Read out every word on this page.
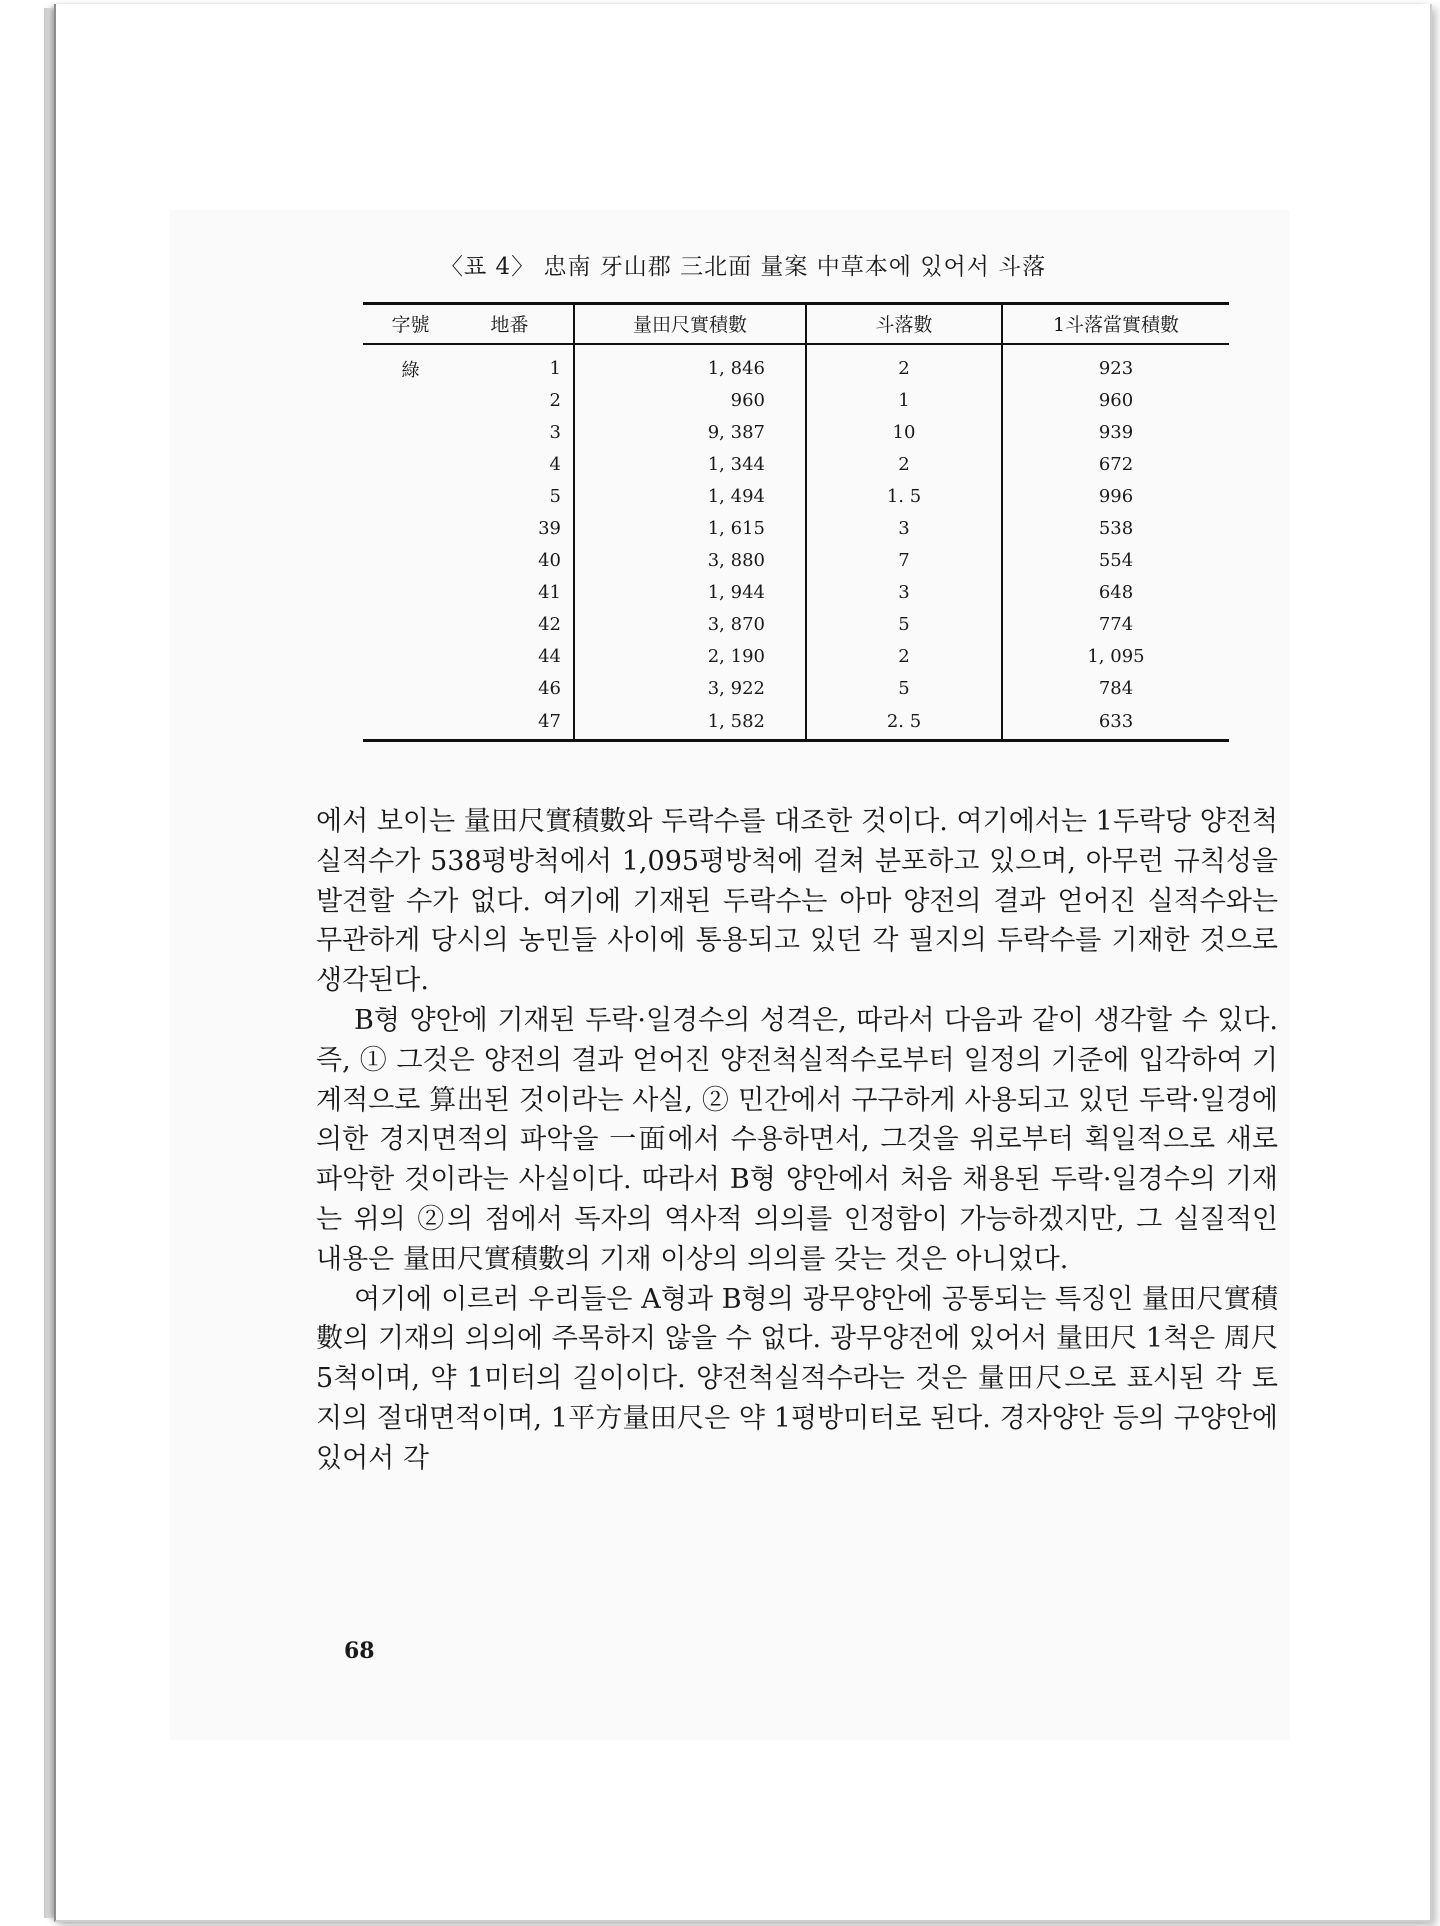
〈표 4〉 忠南 牙山郡 三北面 量案 中草本에 있어서 斗落
字號	地番	量田尺實積數	斗落數	1斗落當實積數
綠	1	1, 846	2	923
	2	960	1	960
	3	9, 387	10	939
	4	1, 344	2	672
	5	1, 494	1. 5	996
	39	1, 615	3	538
	40	3, 880	7	554
	41	1, 944	3	648
	42	3, 870	5	774
	44	2, 190	2	1, 095
	46	3, 922	5	784
	47	1, 582	2. 5	633

에서 보이는 量田尺實積數와 두락수를 대조한 것이다. 여기에서는 1두락당 양전척실적수가 538평방척에서 1,095평방척에 걸쳐 분포하고 있으며, 아무런 규칙성을 발견할 수가 없다. 여기에 기재된 두락수는 아마 양전의 결과 얻어진 실적수와는 무관하게 당시의 농민들 사이에 통용되고 있던 각 필지의 두락수를 기재한 것으로 생각된다.

B형 양안에 기재된 두락·일경수의 성격은, 따라서 다음과 같이 생각할 수 있다. 즉, ① 그것은 양전의 결과 얻어진 양전척실적수로부터 일정의 기준에 입각하여 기계적으로 算出된 것이라는 사실, ② 민간에서 구구하게 사용되고 있던 두락·일경에 의한 경지면적의 파악을 一面에서 수용하면서, 그것을 위로부터 획일적으로 새로 파악한 것이라는 사실이다. 따라서 B형 양안에서 처음 채용된 두락·일경수의 기재는 위의 ②의 점에서 독자의 역사적 의의를 인정함이 가능하겠지만, 그 실질적인 내용은 量田尺實積數의 기재 이상의 의의를 갖는 것은 아니었다.

여기에 이르러 우리들은 A형과 B형의 광무양안에 공통되는 특징인 量田尺實積數의 기재의 의의에 주목하지 않을 수 없다. 광무양전에 있어서 量田尺 1척은 周尺 5척이며, 약 1미터의 길이이다. 양전척실적수라는 것은 量田尺으로 표시된 각 토지의 절대면적이며, 1平方量田尺은 약 1평방미터로 된다. 경자양안 등의 구양안에 있어서 각

68
